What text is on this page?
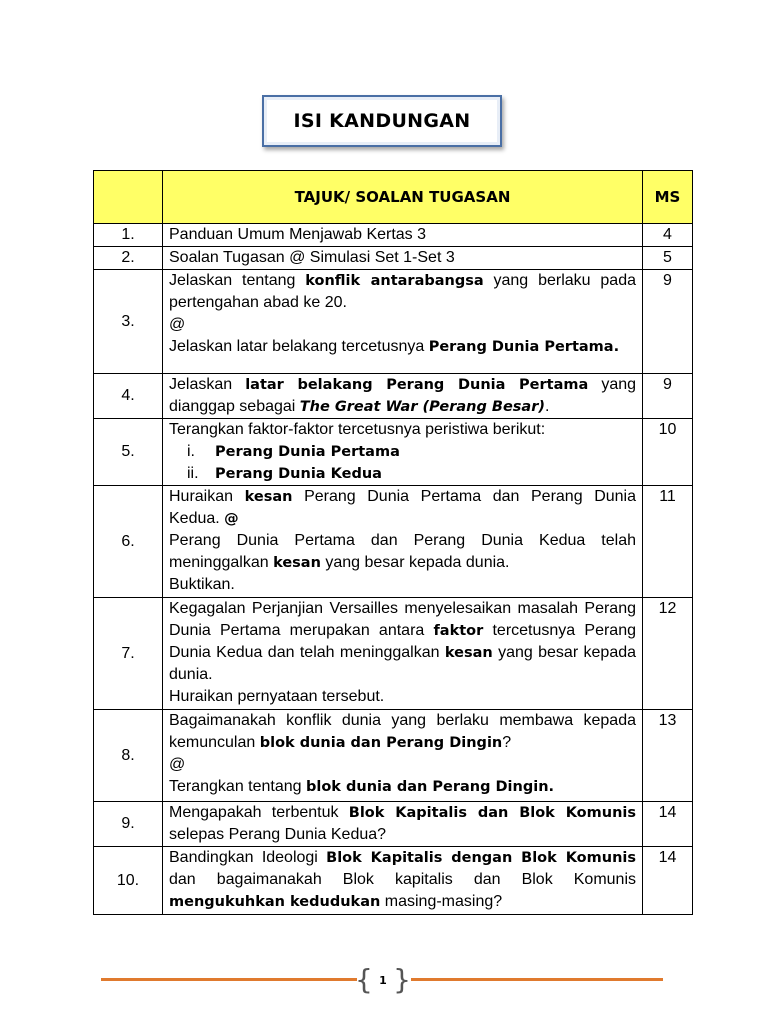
ISI KANDUNGAN
	TAJUK/ SOALAN TUGASAN	MS
1.	Panduan Umum Menjawab Kertas 3	4
2.	Soalan Tugasan @ Simulasi Set 1-Set 3	5
3.	Jelaskan tentang konflik antarabangsa yang berlaku pada pertengahan abad ke 20.
@
Jelaskan latar belakang tercetusnya Perang Dunia Pertama.	9
4.	Jelaskan latar belakang Perang Dunia Pertama yang dianggap sebagai The Great War (Perang Besar).	9
5.	Terangkan faktor-faktor tercetusnya peristiwa berikut:
i. Perang Dunia Pertama
ii. Perang Dunia Kedua	10
6.	Huraikan kesan Perang Dunia Pertama dan Perang Dunia Kedua. @
Perang Dunia Pertama dan Perang Dunia Kedua telah meninggalkan kesan yang besar kepada dunia.
Buktikan.	11
7.	Kegagalan Perjanjian Versailles menyelesaikan masalah Perang Dunia Pertama merupakan antara faktor tercetusnya Perang Dunia Kedua dan telah meninggalkan kesan yang besar kepada dunia.
Huraikan pernyataan tersebut.	12
8.	Bagaimanakah konflik dunia yang berlaku membawa kepada kemunculan blok dunia dan Perang Dingin?
@
Terangkan tentang blok dunia dan Perang Dingin.	13
9.	Mengapakah terbentuk Blok Kapitalis dan Blok Komunis selepas Perang Dunia Kedua?	14
10.	Bandingkan Ideologi Blok Kapitalis dengan Blok Komunis dan bagaimanakah Blok kapitalis dan Blok Komunis mengukuhkan kedudukan masing-masing?	14
{ 1 }
